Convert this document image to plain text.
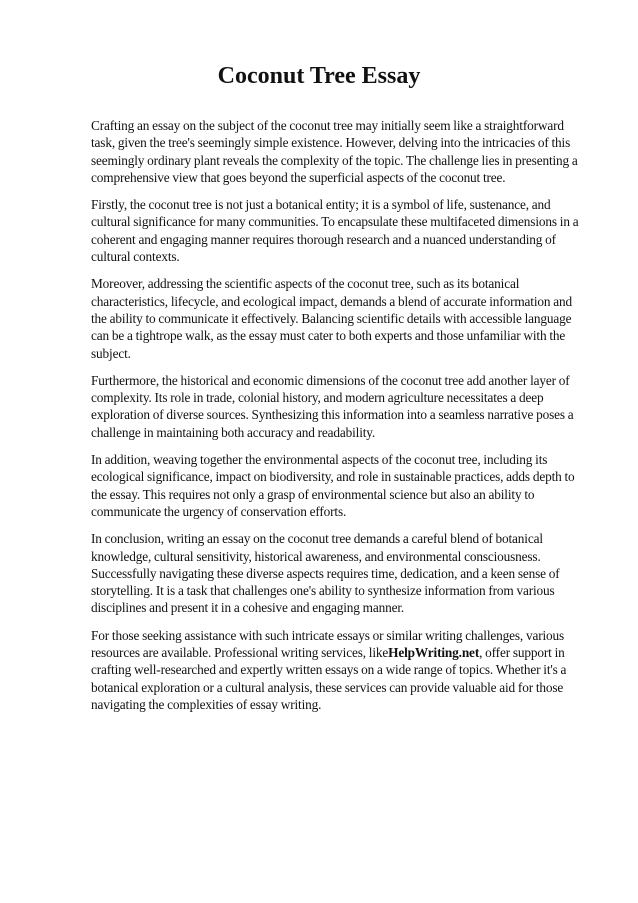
Coconut Tree Essay

Crafting an essay on the subject of the coconut tree may initially seem like a straightforward task, given the tree's seemingly simple existence. However, delving into the intricacies of this seemingly ordinary plant reveals the complexity of the topic. The challenge lies in presenting a comprehensive view that goes beyond the superficial aspects of the coconut tree.

Firstly, the coconut tree is not just a botanical entity; it is a symbol of life, sustenance, and cultural significance for many communities. To encapsulate these multifaceted dimensions in a coherent and engaging manner requires thorough research and a nuanced understanding of cultural contexts.

Moreover, addressing the scientific aspects of the coconut tree, such as its botanical characteristics, lifecycle, and ecological impact, demands a blend of accurate information and the ability to communicate it effectively. Balancing scientific details with accessible language can be a tightrope walk, as the essay must cater to both experts and those unfamiliar with the subject.

Furthermore, the historical and economic dimensions of the coconut tree add another layer of complexity. Its role in trade, colonial history, and modern agriculture necessitates a deep exploration of diverse sources. Synthesizing this information into a seamless narrative poses a challenge in maintaining both accuracy and readability.

In addition, weaving together the environmental aspects of the coconut tree, including its ecological significance, impact on biodiversity, and role in sustainable practices, adds depth to the essay. This requires not only a grasp of environmental science but also an ability to communicate the urgency of conservation efforts.

In conclusion, writing an essay on the coconut tree demands a careful blend of botanical knowledge, cultural sensitivity, historical awareness, and environmental consciousness. Successfully navigating these diverse aspects requires time, dedication, and a keen sense of storytelling. It is a task that challenges one's ability to synthesize information from various disciplines and present it in a cohesive and engaging manner.

For those seeking assistance with such intricate essays or similar writing challenges, various resources are available. Professional writing services, likeHelpWriting.net, offer support in crafting well-researched and expertly written essays on a wide range of topics. Whether it's a botanical exploration or a cultural analysis, these services can provide valuable aid for those navigating the complexities of essay writing.
